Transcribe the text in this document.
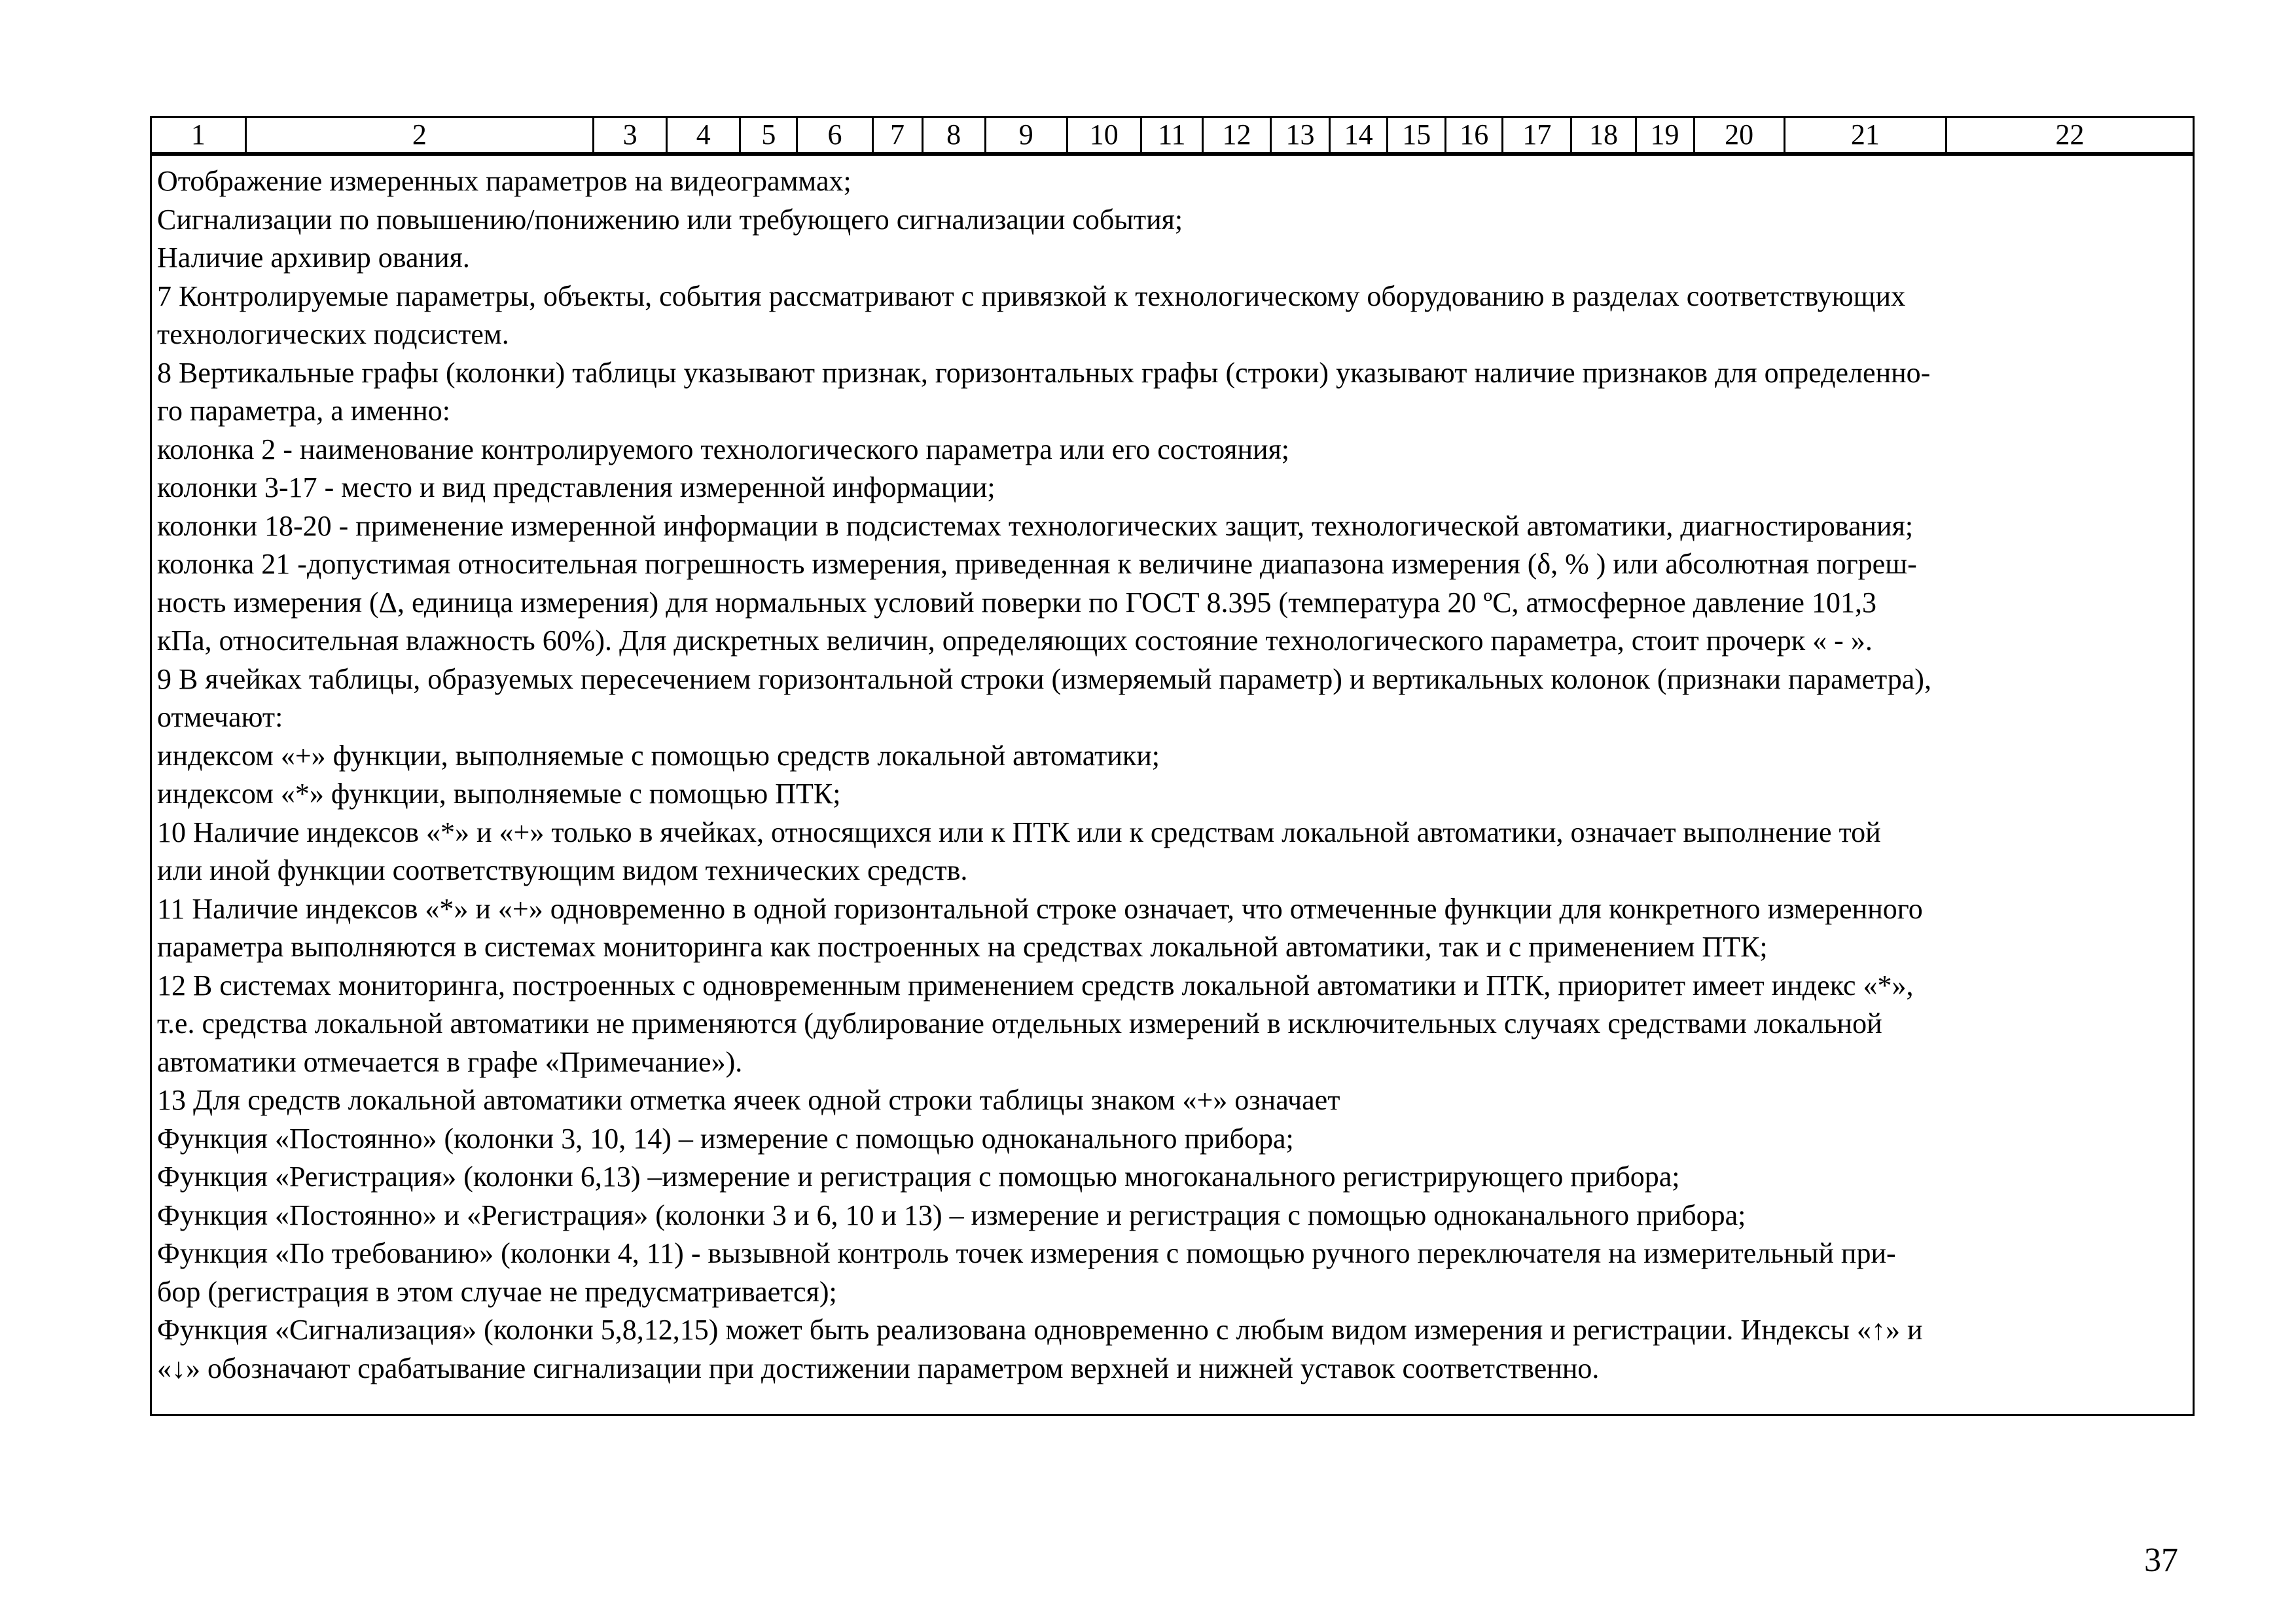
1	2	3	4	5	6	7	8	9	10	11	12	13	14	15	16	17	18	19	20	21	22
Отображение измеренных параметров на видеограммах;
Сигнализации по повышению/понижению или требующего сигнализации события;
Наличие архивир ования.
7 Контролируемые параметры, объекты, события рассматривают с привязкой к технологическому оборудованию в разделах соответствующих
технологических подсистем.
8 Вертикальные графы (колонки) таблицы указывают признак, горизонтальных графы (строки) указывают наличие признаков для определенно-
го параметра, а именно:
колонка 2 - наименование контролируемого технологического параметра или его состояния;
колонки 3-17 - место и вид представления измеренной информации;
колонки 18-20 - применение измеренной информации в подсистемах технологических защит, технологической автоматики, диагностирования;
колонка 21 -допустимая относительная погрешность измерения, приведенная к величине диапазона измерения (δ, % ) или абсолютная погреш-
ность измерения (Δ, единица измерения) для нормальных условий поверки по ГОСТ 8.395 (температура 20 ºС, атмосферное давление 101,3
кПа, относительная влажность 60%). Для дискретных величин, определяющих состояние технологического параметра, стоит прочерк « - ».
9 В ячейках таблицы, образуемых пересечением горизонтальной строки (измеряемый параметр) и вертикальных колонок (признаки параметра),
отмечают:
индексом «+» функции, выполняемые с помощью средств локальной автоматики;
индексом «*» функции, выполняемые с помощью ПТК;
10 Наличие индексов «*» и «+» только в ячейках, относящихся или к ПТК или к средствам локальной автоматики, означает выполнение той
или иной функции соответствующим видом технических средств.
11 Наличие индексов «*» и «+» одновременно в одной горизонтальной строке означает, что отмеченные функции для конкретного измеренного
параметра выполняются в системах мониторинга как построенных на средствах локальной автоматики, так и с применением ПТК;
12 В системах мониторинга, построенных с одновременным применением средств локальной автоматики и ПТК, приоритет имеет индекс «*»,
т.е. средства локальной автоматики не применяются (дублирование отдельных измерений в исключительных случаях средствами локальной
автоматики отмечается в графе «Примечание»).
13 Для средств локальной автоматики отметка ячеек одной строки таблицы знаком «+» означает
Функция «Постоянно» (колонки 3, 10, 14) – измерение с помощью одноканального прибора;
Функция «Регистрация» (колонки 6,13) –измерение и регистрация с помощью многоканального регистрирующего прибора;
Функция «Постоянно» и «Регистрация» (колонки 3 и 6, 10 и 13) – измерение и регистрация с помощью одноканального прибора;
Функция «По требованию» (колонки 4, 11) - вызывной контроль точек измерения с помощью ручного переключателя на измерительный при-
бор (регистрация в этом случае не предусматривается);
Функция «Сигнализация» (колонки 5,8,12,15) может быть реализована одновременно с любым видом измерения и регистрации. Индексы «↑» и
«↓» обозначают срабатывание сигнализации при достижении параметром верхней и нижней уставок соответственно.
37
